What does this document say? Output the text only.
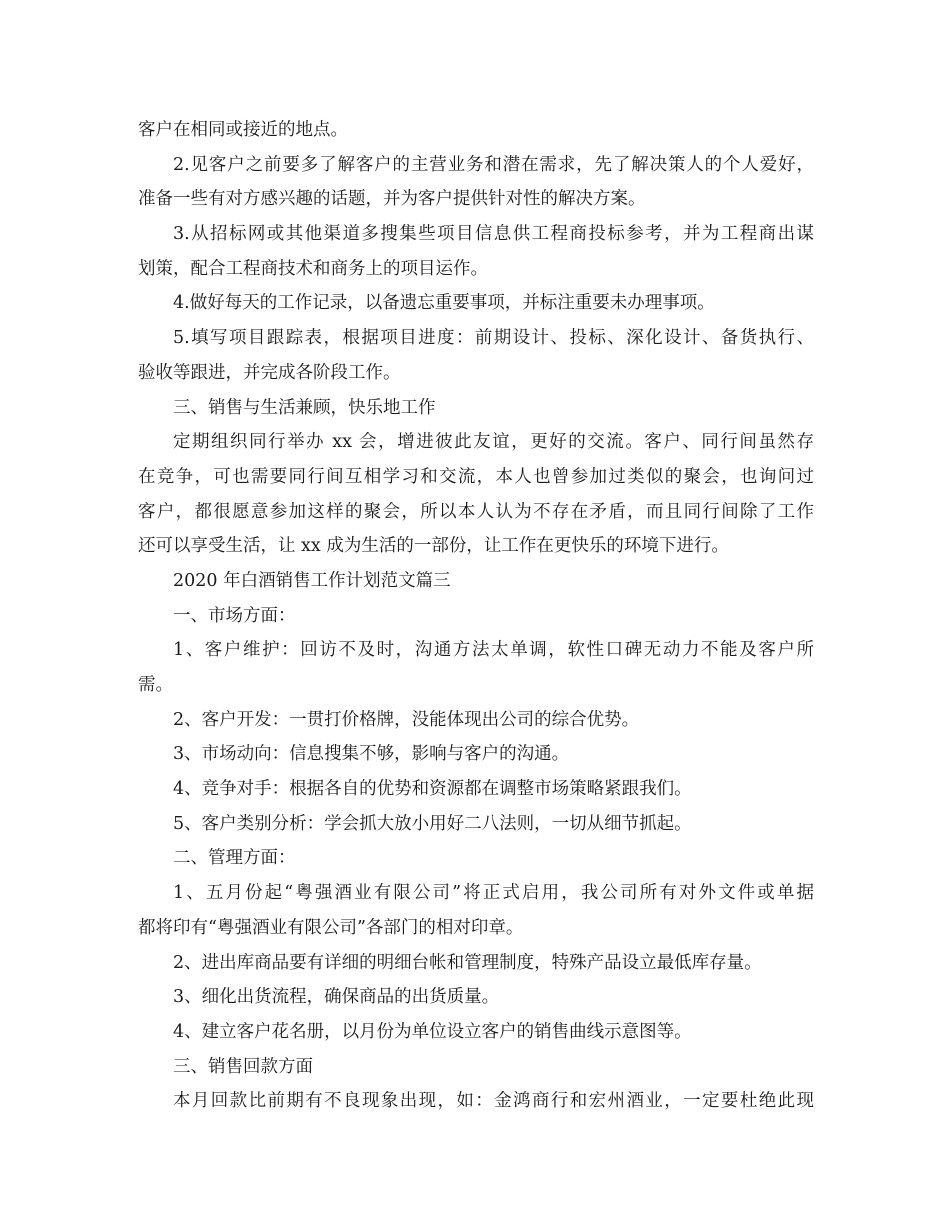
客户在相同或接近的地点。
2.见客户之前要多了解客户的主营业务和潜在需求，先了解决策人的个人爱好，
准备一些有对方感兴趣的话题，并为客户提供针对性的解决方案。
3.从招标网或其他渠道多搜集些项目信息供工程商投标参考，并为工程商出谋
划策，配合工程商技术和商务上的项目运作。
4.做好每天的工作记录，以备遗忘重要事项，并标注重要未办理事项。
5.填写项目跟踪表，根据项目进度：前期设计、投标、深化设计、备货执行、
验收等跟进，并完成各阶段工作。
三、销售与生活兼顾，快乐地工作
定期组织同行举办 xx 会，增进彼此友谊，更好的交流。客户、同行间虽然存
在竞争，可也需要同行间互相学习和交流，本人也曾参加过类似的聚会，也询问过
客户，都很愿意参加这样的聚会，所以本人认为不存在矛盾，而且同行间除了工作
还可以享受生活，让 xx 成为生活的一部份，让工作在更快乐的环境下进行。
2020 年白酒销售工作计划范文篇三
一、市场方面：
1、客户维护：回访不及时，沟通方法太单调，软性口碑无动力不能及客户所
需。
2、客户开发：一贯打价格牌，没能体现出公司的综合优势。
3、市场动向：信息搜集不够，影响与客户的沟通。
4、竞争对手：根据各自的优势和资源都在调整市场策略紧跟我们。
5、客户类别分析：学会抓大放小用好二八法则，一切从细节抓起。
二、管理方面：
1、五月份起“粤强酒业有限公司”将正式启用，我公司所有对外文件或单据
都将印有“粤强酒业有限公司”各部门的相对印章。
2、进出库商品要有详细的明细台帐和管理制度，特殊产品设立最低库存量。
3、细化出货流程，确保商品的出货质量。
4、建立客户花名册，以月份为单位设立客户的销售曲线示意图等。
三、销售回款方面
本月回款比前期有不良现象出现，如：金鸿商行和宏州酒业，一定要杜绝此现
